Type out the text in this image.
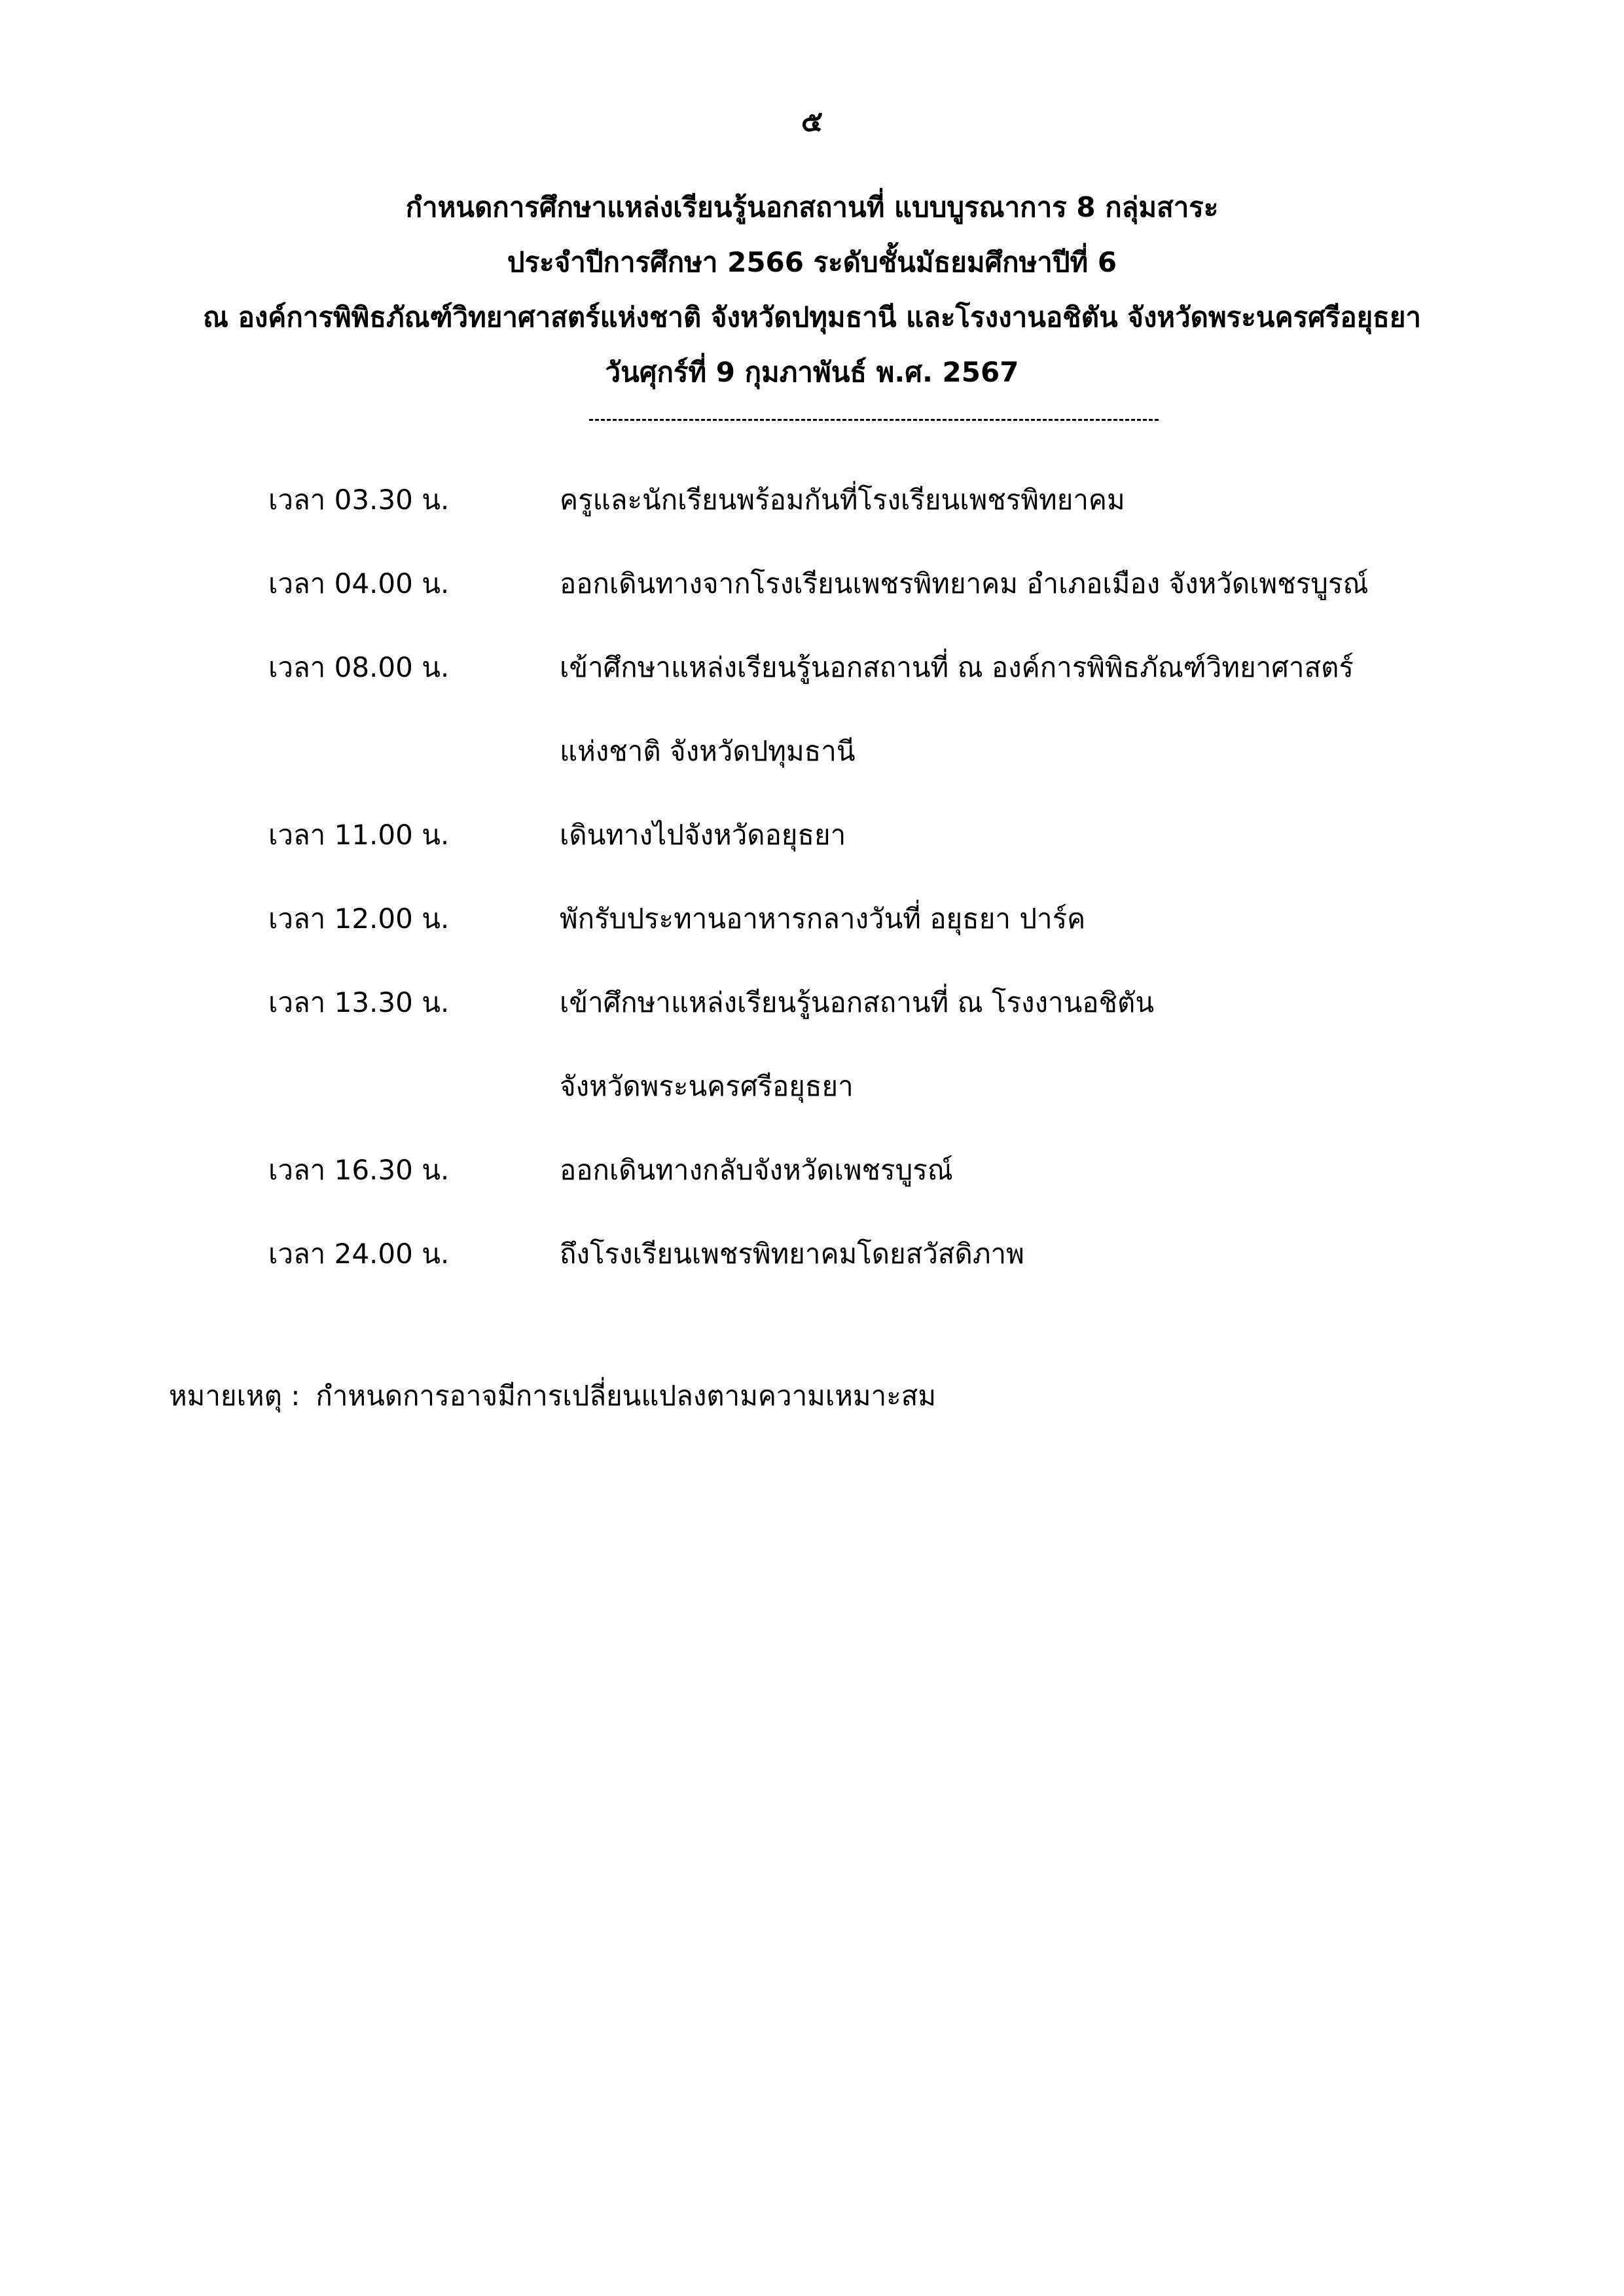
๕
กำหนดการศึกษาแหล่งเรียนรู้นอกสถานที่ แบบบูรณาการ 8 กลุ่มสาระ
ประจำปีการศึกษา 2566 ระดับชั้นมัธยมศึกษาปีที่ 6
ณ องค์การพิพิธภัณฑ์วิทยาศาสตร์แห่งชาติ จังหวัดปทุมธานี และโรงงานอชิตัน จังหวัดพระนครศรีอยุธยา
วันศุกร์ที่ 9 กุมภาพันธ์ พ.ศ. 2567
เวลา 03.30 น.	ครูและนักเรียนพร้อมกันที่โรงเรียนเพชรพิทยาคม
เวลา 04.00 น.	ออกเดินทางจากโรงเรียนเพชรพิทยาคม อำเภอเมือง จังหวัดเพชรบูรณ์
เวลา 08.00 น.	เข้าศึกษาแหล่งเรียนรู้นอกสถานที่ ณ องค์การพิพิธภัณฑ์วิทยาศาสตร์
แห่งชาติ จังหวัดปทุมธานี
เวลา 11.00 น.	เดินทางไปจังหวัดอยุธยา
เวลา 12.00 น.	พักรับประทานอาหารกลางวันที่ อยุธยา ปาร์ค
เวลา 13.30 น.	เข้าศึกษาแหล่งเรียนรู้นอกสถานที่ ณ โรงงานอชิตัน
จังหวัดพระนครศรีอยุธยา
เวลา 16.30 น.	ออกเดินทางกลับจังหวัดเพชรบูรณ์
เวลา 24.00 น.	ถึงโรงเรียนเพชรพิทยาคมโดยสวัสดิภาพ
หมายเหตุ : กำหนดการอาจมีการเปลี่ยนแปลงตามความเหมาะสม
